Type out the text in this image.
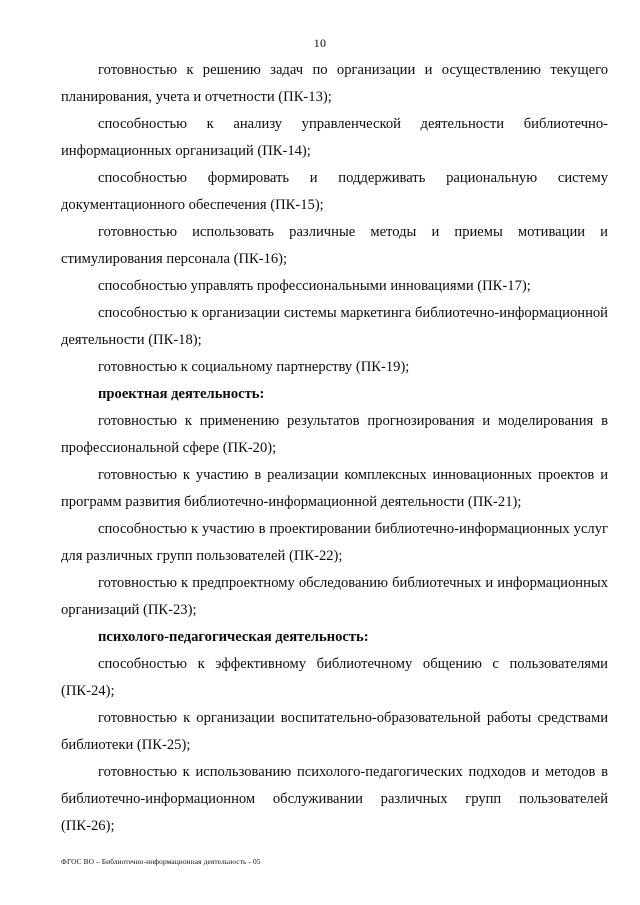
10

готовностью к решению задач по организации и осуществлению текущего планирования, учета и отчетности (ПК-13);

способностью к анализу управленческой деятельности библиотечно-информационных организаций (ПК-14);

способностью формировать и поддерживать рациональную систему документационного обеспечения (ПК-15);

готовностью использовать различные методы и приемы мотивации и стимулирования персонала (ПК-16);

способностью управлять профессиональными инновациями (ПК-17);

способностью к организации системы маркетинга библиотечно-информационной деятельности (ПК-18);

готовностью к социальному партнерству (ПК-19);

проектная деятельность:

готовностью к применению результатов прогнозирования и моделирования в профессиональной сфере (ПК-20);

готовностью к участию в реализации комплексных инновационных проектов и программ развития библиотечно-информационной деятельности (ПК-21);

способностью к участию в проектировании библиотечно-информационных услуг для различных групп пользователей (ПК-22);

готовностью к предпроектному обследованию библиотечных и информационных организаций (ПК-23);

психолого-педагогическая деятельность:

способностью к эффективному библиотечному общению с пользователями (ПК-24);

готовностью к организации воспитательно-образовательной работы средствами библиотеки (ПК-25);

готовностью к использованию психолого-педагогических подходов и методов в библиотечно-информационном обслуживании различных групп пользователей (ПК-26);

ФГОС ВО – Библиотечно-информационная деятельность - 05
